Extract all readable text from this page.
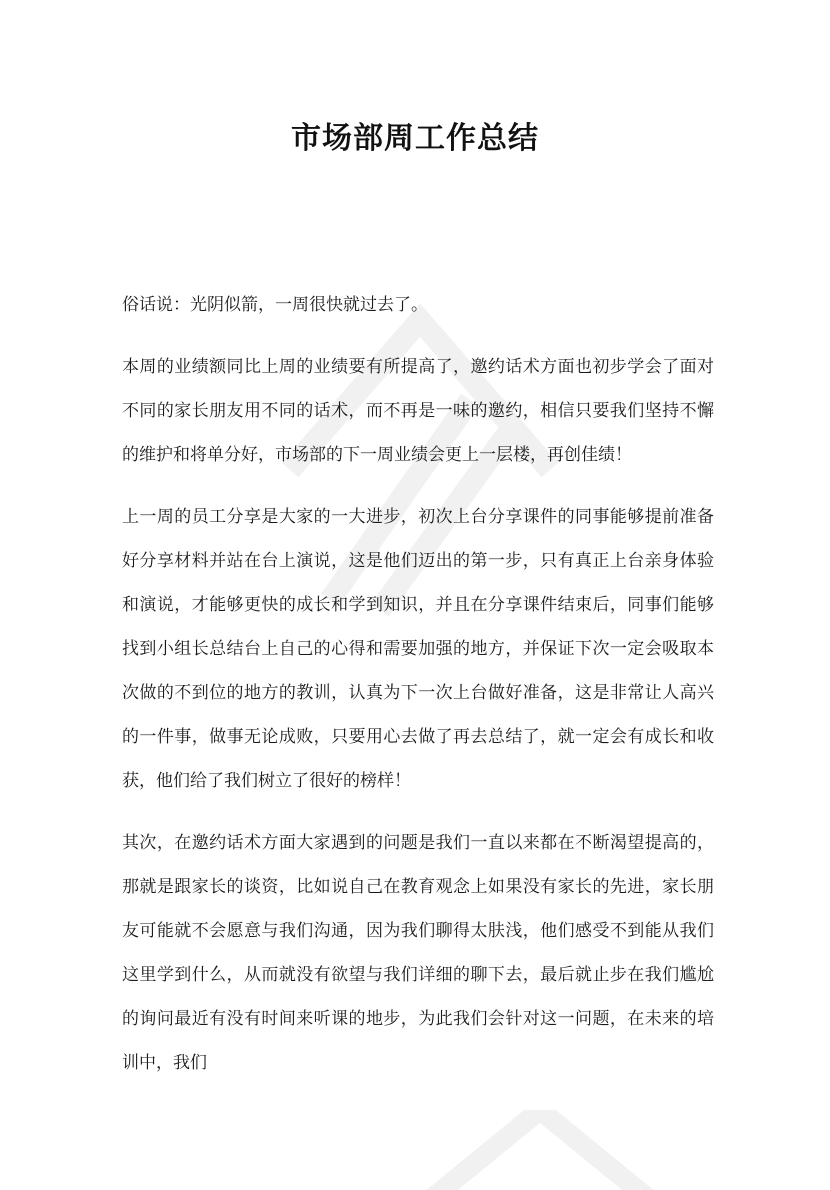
市场部周工作总结

俗话说：光阴似箭，一周很快就过去了。

本周的业绩额同比上周的业绩要有所提高了，邀约话术方面也初步学会了面对不同的家长朋友用不同的话术，而不再是一味的邀约，相信只要我们坚持不懈的维护和将单分好，市场部的下一周业绩会更上一层楼，再创佳绩！

上一周的员工分享是大家的一大进步，初次上台分享课件的同事能够提前准备好分享材料并站在台上演说，这是他们迈出的第一步，只有真正上台亲身体验和演说，才能够更快的成长和学到知识，并且在分享课件结束后，同事们能够找到小组长总结台上自己的心得和需要加强的地方，并保证下次一定会吸取本次做的不到位的地方的教训，认真为下一次上台做好准备，这是非常让人高兴的一件事，做事无论成败，只要用心去做了再去总结了，就一定会有成长和收获，他们给了我们树立了很好的榜样！

其次，在邀约话术方面大家遇到的问题是我们一直以来都在不断渴望提高的，那就是跟家长的谈资，比如说自己在教育观念上如果没有家长的先进，家长朋友可能就不会愿意与我们沟通，因为我们聊得太肤浅，他们感受不到能从我们这里学到什么，从而就没有欲望与我们详细的聊下去，最后就止步在我们尴尬的询问最近有没有时间来听课的地步，为此我们会针对这一问题，在未来的培训中，我们
